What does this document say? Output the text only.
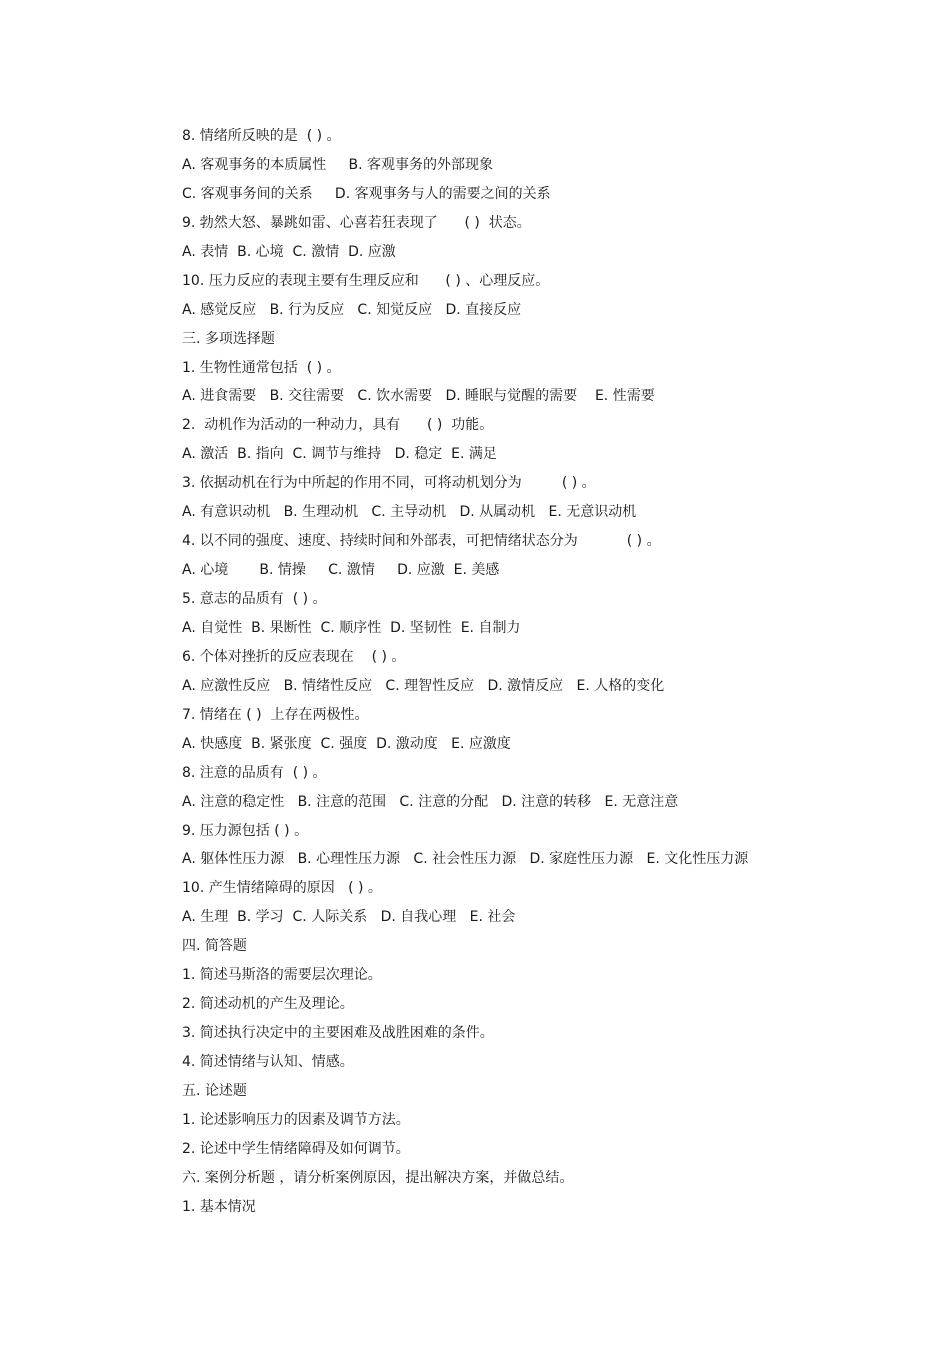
8. 情绪所反映的是  ( ) 。
A. 客观事务的本质属性     B. 客观事务的外部现象
C. 客观事务间的关系     D. 客观事务与人的需要之间的关系
9. 勃然大怒、暴跳如雷、心喜若狂表现了      ( )  状态。
A. 表情  B. 心境  C. 激情  D. 应激
10. 压力反应的表现主要有生理反应和      ( ) 、心理反应。
A. 感觉反应   B. 行为反应   C. 知觉反应   D. 直接反应
三. 多项选择题
1. 生物性通常包括  ( ) 。
A. 进食需要   B. 交往需要   C. 饮水需要   D. 睡眠与觉醒的需要    E. 性需要
2.  动机作为活动的一种动力，具有      ( )  功能。
A. 激活  B. 指向  C. 调节与维持   D. 稳定  E. 满足
3. 依据动机在行为中所起的作用不同，可将动机划分为         ( ) 。
A. 有意识动机   B. 生理动机   C. 主导动机   D. 从属动机   E. 无意识动机
4. 以不同的强度、速度、持续时间和外部表，可把情绪状态分为           ( ) 。
A. 心境       B. 情操     C. 激情     D. 应激  E. 美感
5. 意志的品质有  ( ) 。
A. 自觉性  B. 果断性  C. 顺序性  D. 坚韧性  E. 自制力
6. 个体对挫折的反应表现在    ( ) 。
A. 应激性反应   B. 情绪性反应   C. 理智性反应   D. 激情反应   E. 人格的变化
7. 情绪在 ( )  上存在两极性。
A. 快感度  B. 紧张度  C. 强度  D. 激动度   E. 应激度
8. 注意的品质有  ( ) 。
A. 注意的稳定性   B. 注意的范围   C. 注意的分配   D. 注意的转移   E. 无意注意
9. 压力源包括 ( ) 。
A. 躯体性压力源   B. 心理性压力源   C. 社会性压力源   D. 家庭性压力源   E. 文化性压力源
10. 产生情绪障碍的原因   ( ) 。
A. 生理  B. 学习  C. 人际关系   D. 自我心理   E. 社会
四. 简答题
1. 简述马斯洛的需要层次理论。
2. 简述动机的产生及理论。
3. 简述执行决定中的主要困难及战胜困难的条件。
4. 简述情绪与认知、情感。
五. 论述题
1. 论述影响压力的因素及调节方法。
2. 论述中学生情绪障碍及如何调节。
六. 案例分析题 ，请分析案例原因，提出解决方案，并做总结。
1. 基本情况
